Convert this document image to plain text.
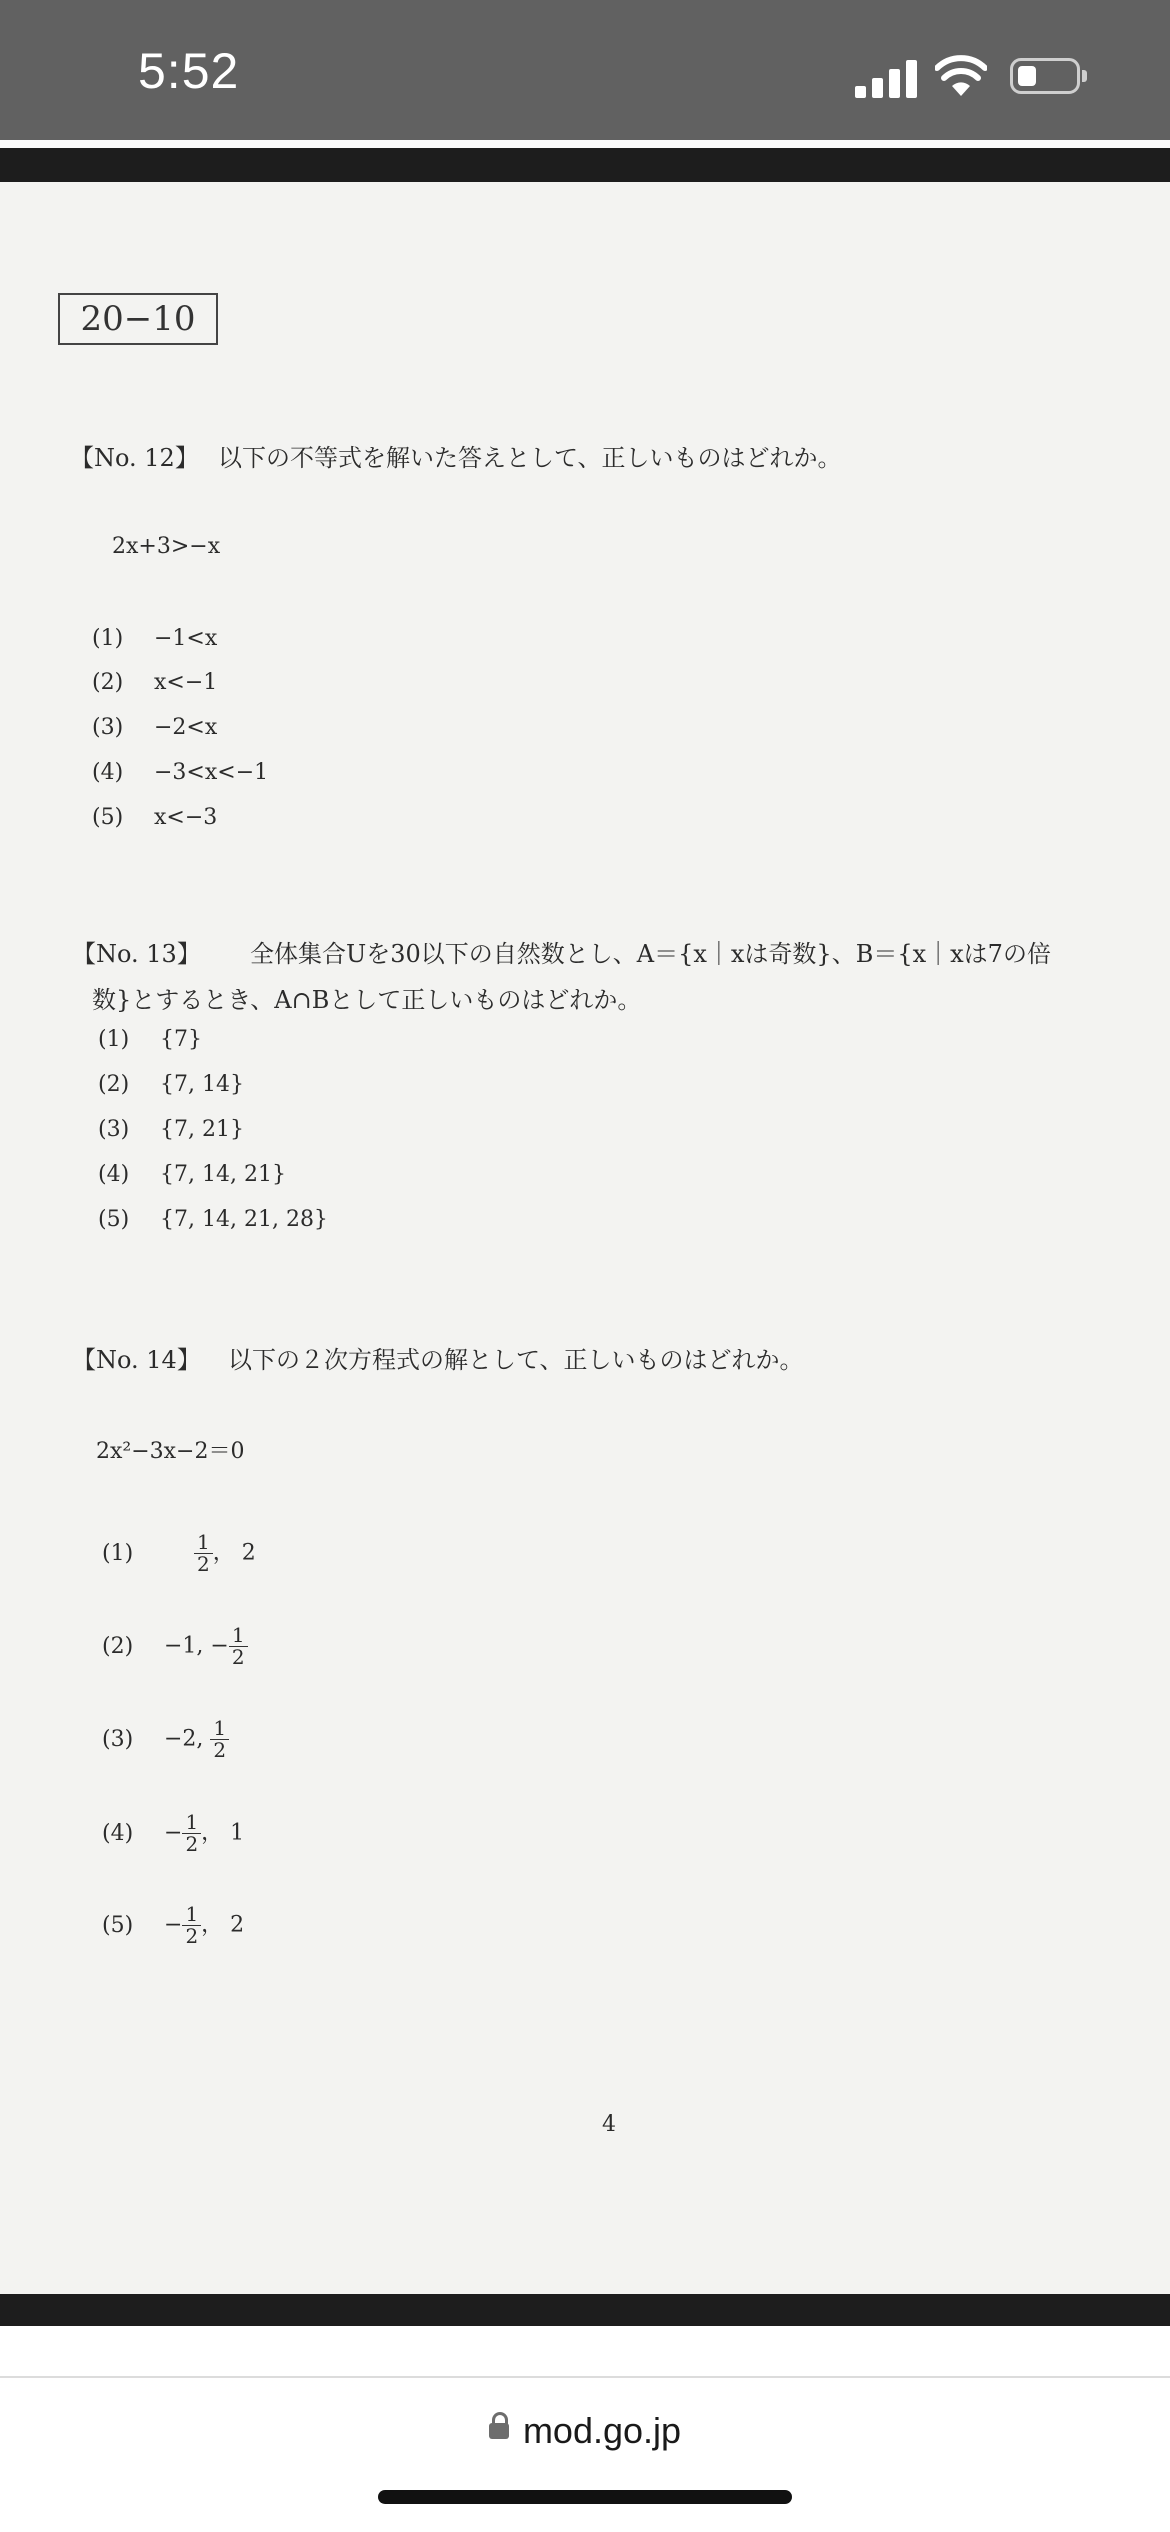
5:52
20−10
【No. 12】 以下の不等式を解いた答えとして、正しいものはどれか。
2x+3>−x
(1) −1<x
(2) x<−1
(3) −2<x
(4) −3<x<−1
(5) x<−3
【No. 13】 全体集合Uを30以下の自然数とし、A＝{x｜xは奇数}、B＝{x｜xは7の倍
数}とするとき、A∩Bとして正しいものはどれか。
(1) {7}
(2) {7, 14}
(3) {7, 21}
(4) {7, 14, 21}
(5) {7, 14, 21, 28}
【No. 14】 以下の２次方程式の解として、正しいものはどれか。
2x²−3x−2＝0
(1)	$\frac{1}{2}$ ， 2
(2) −1, − $\frac{1}{2}$
(3) −2, $\frac{1}{2}$
$(4) - \frac{1}{2}$ ， 1
$(5) - \frac{1}{2}$ ， 2
4
mod.go.jp
